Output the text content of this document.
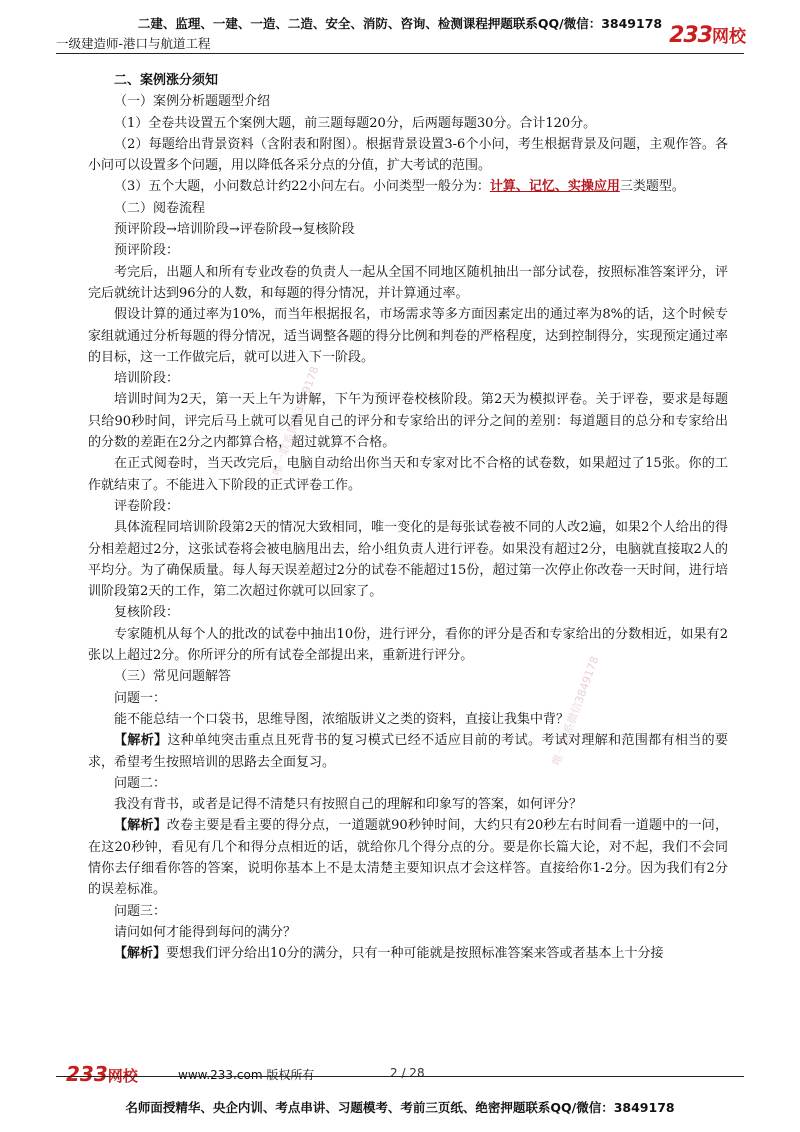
二建、监理、一建、一造、二造、安全、消防、咨询、检测课程押题联系QQ/微信：3849178
一级建造师-港口与航道工程	233网校
唯一联系微信3849178
唯一联系微信3849178

二、案例涨分须知

（一）案例分析题题型介绍

（1）全卷共设置五个案例大题，前三题每题20分，后两题每题30分。合计120分。

（2）每题给出背景资料（含附表和附图）。根据背景设置3-6个小问，考生根据背景及问题，主观作答。各小问可以设置多个问题，用以降低各采分点的分值，扩大考试的范围。

（3）五个大题，小问数总计约22小问左右。小问类型一般分为：计算、记忆、实操应用三类题型。

（二）阅卷流程

预评阶段→培训阶段→评卷阶段→复核阶段

预评阶段：

考完后，出题人和所有专业改卷的负责人一起从全国不同地区随机抽出一部分试卷，按照标准答案评分，评完后就统计达到96分的人数，和每题的得分情况，并计算通过率。

假设计算的通过率为10%，而当年根据报名，市场需求等多方面因素定出的通过率为8%的话，这个时候专家组就通过分析每题的得分情况，适当调整各题的得分比例和判卷的严格程度，达到控制得分，实现预定通过率的目标，这一工作做完后，就可以进入下一阶段。

培训阶段：

培训时间为2天，第一天上午为讲解，下午为预评卷校核阶段。第2天为模拟评卷。关于评卷，要求是每题只给90秒时间，评完后马上就可以看见自己的评分和专家给出的评分之间的差别：每道题目的总分和专家给出的分数的差距在2分之内都算合格，超过就算不合格。

在正式阅卷时，当天改完后，电脑自动给出你当天和专家对比不合格的试卷数，如果超过了15张。你的工作就结束了。不能进入下阶段的正式评卷工作。

评卷阶段：

具体流程同培训阶段第2天的情况大致相同，唯一变化的是每张试卷被不同的人改2遍，如果2个人给出的得分相差超过2分，这张试卷将会被电脑甩出去，给小组负责人进行评卷。如果没有超过2分，电脑就直接取2人的平均分。为了确保质量。每人每天误差超过2分的试卷不能超过15份，超过第一次停止你改卷一天时间，进行培训阶段第2天的工作，第二次超过你就可以回家了。

复核阶段：

专家随机从每个人的批改的试卷中抽出10份，进行评分，看你的评分是否和专家给出的分数相近，如果有2张以上超过2分。你所评分的所有试卷全部提出来，重新进行评分。

（三）常见问题解答

问题一：

能不能总结一个口袋书，思维导图，浓缩版讲义之类的资料，直接让我集中背？

【解析】这种单纯突击重点且死背书的复习模式已经不适应目前的考试。考试对理解和范围都有相当的要求，希望考生按照培训的思路去全面复习。

问题二：

我没有背书，或者是记得不清楚只有按照自己的理解和印象写的答案，如何评分？

【解析】改卷主要是看主要的得分点，一道题就90秒钟时间，大约只有20秒左右时间看一道题中的一问，在这20秒钟，看见有几个和得分点相近的话，就给你几个得分点的分。要是你长篇大论，对不起，我们不会同情你去仔细看你答的答案，说明你基本上不是太清楚主要知识点才会这样答。直接给你1-2分。因为我们有2分的误差标准。

问题三：

请问如何才能得到每问的满分？

【解析】要想我们评分给出10分的满分，只有一种可能就是按照标准答案来答或者基本上十分接

233网校	www.233.com 版权所有	2 / 28
名师面授精华、央企内训、考点串讲、习题模考、考前三页纸、绝密押题联系QQ/微信：3849178
